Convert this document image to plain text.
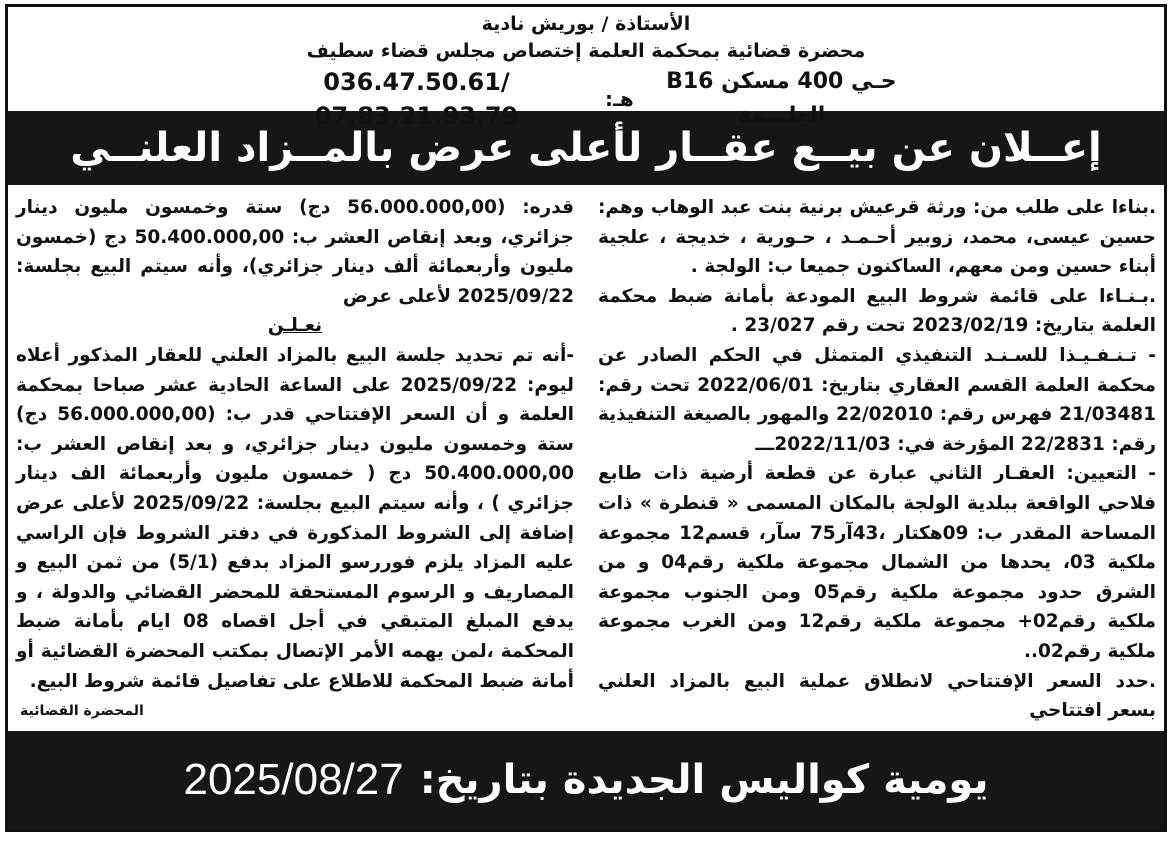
الأستاذة / بوريش نادية
محضرة قضائية بمحكمة العلمة إختصاص مجلس قضاء سطيف
حـي 400 مسكن B16 العلـــمة
هـ:
036.47.50.61/ 07.83.21.93.79
إعــلان عن بيــع عقــار لأعلى عرض بالمــزاد العلنــي

.بناءا على طلب من: ورثة قرعيش برنية بنت عبد الوهاب وهم: حسين عيسى، محمد، زوبير أحـمـد ، حـورية ، خديجة ، علجية أبناء حسين ومن معهم، الساكنون جميعا ب: الولجة .

.بـنـاءا على قائمة شروط البيع المودعة بأمانة ضبط محكمة العلمة بتاريخ: 2023/02/19 تحت رقم 23/027 .

- تـنـفـيـذا للسـنـد التنفيذي المتمثل في الحكم الصادر عن محكمة العلمة القسم العقاري بتاريخ: 2022/06/01 تحت رقم: 21/03481 فهرس رقم: 22/02010 والمهور بالصيغة التنفيذية رقم: 22/2831 المؤرخة في: 2022/11/03ـــ

- التعيين: العقـار الثاني عبارة عن قطعة أرضية ذات طابع فلاحي الواقعة ببلدية الولجة بالمكان المسمى « قنطرة » ذات المساحة المقدر ب: 09هكتار ،43آر75 سآر، قسم12 مجموعة ملكية 03، يحدها من الشمال مجموعة ملكية رقم04 و من الشرق حدود مجموعة ملكية رقم05 ومن الجنوب مجموعة ملكية رقم02+ مجموعة ملكية رقم12 ومن الغرب مجموعة ملكية رقم02..

.حدد السعر الإفتتاحي لانطلاق عملية البيع بالمزاد العلني بسعر افتتاحي

قدره: (56.000.000,00 دج) ستة وخمسون مليون دينار جزائري، وبعد إنقاص العشر ب: 50.400.000,00 دج (خمسون مليون وأربعمائة ألف دينار جزائري)، وأنه سيتم البيع بجلسة: 2025/09/22 لأعلى عرض

نعـلـن

-أنه تم تحديد جلسة البيع بالمزاد العلني للعقار المذكور أعلاه ليوم: 2025/09/22 على الساعة الحادية عشر صباحا بمحكمة العلمة و أن السعر الإفتتاحي قدر ب: (56.000.000,00 دج) ستة وخمسون مليون دينار جزائري، و بعد إنقاص العشر ب: 50.400.000,00 دج ( خمسون مليون وأربعمائة الف دينار جزائري ) ، وأنه سيتم البيع بجلسة: 2025/09/22 لأعلى عرض إضافة إلى الشروط المذكورة في دفتر الشروط فإن الراسي عليه المزاد يلزم فوررسو المزاد بدفع (5/1) من ثمن البيع و المصاريف و الرسوم المستحقة للمحضر القضائي والدولة ، و يدفع المبلغ المتبقي في أجل اقصاه 08 ايام بأمانة ضبط المحكمة ،لمن يهمه الأمر الإتصال بمكتب المحضرة القضائية أو أمانة ضبط المحكمة للاطلاع على تفاصيل قائمة شروط البيع.

المحضرة القضائية
يومية كواليس الجديدة بتاريخ:
2025/08/27
